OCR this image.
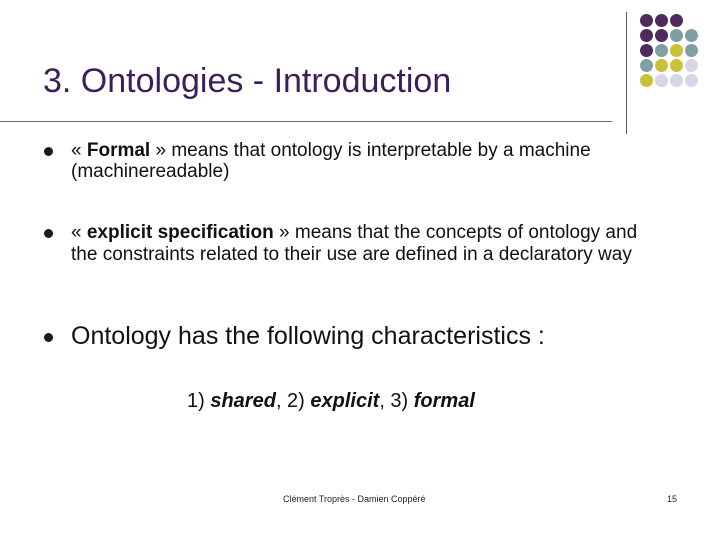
3. Ontologies - Introduction
« Formal » means that ontology is interpretable by a machine (machinereadable)
« explicit specification » means that the concepts of ontology and the constraints related to their use are defined in a declaratory way
Ontology has the following characteristics :
1) shared, 2) explicit, 3) formal
Clément Troprès - Damien Coppéré	15
